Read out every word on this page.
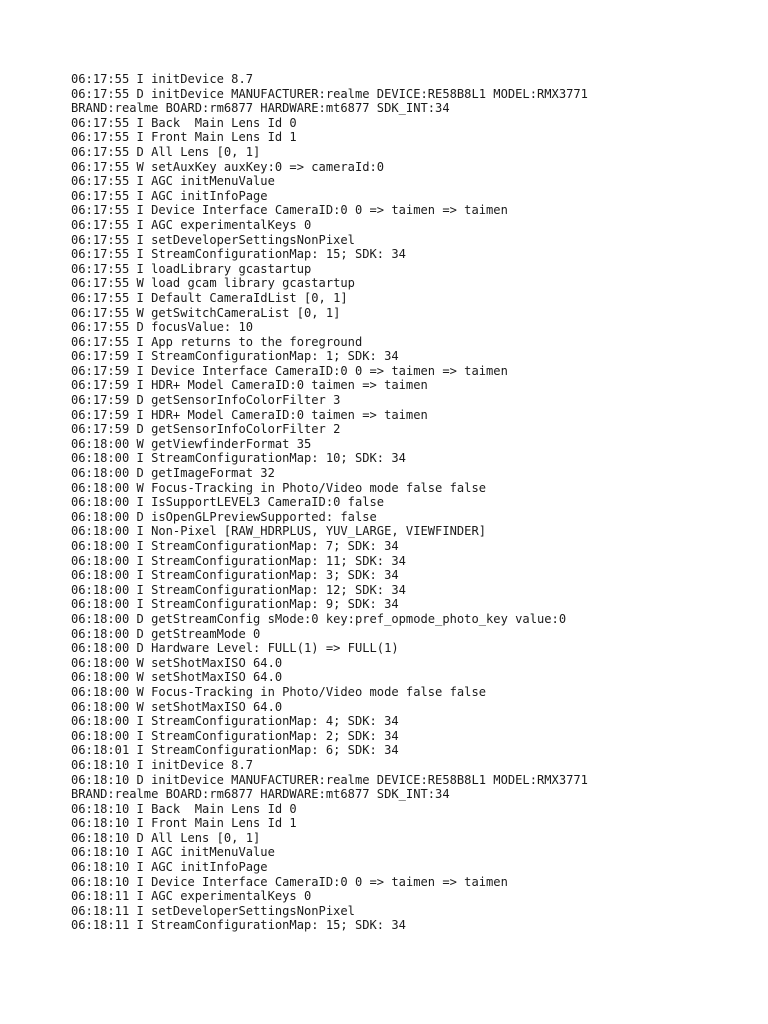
06:17:55 I initDevice 8.7
06:17:55 D initDevice MANUFACTURER:realme DEVICE:RE58B8L1 MODEL:RMX3771
BRAND:realme BOARD:rm6877 HARDWARE:mt6877 SDK_INT:34
06:17:55 I Back  Main Lens Id 0
06:17:55 I Front Main Lens Id 1
06:17:55 D All Lens [0, 1]
06:17:55 W setAuxKey auxKey:0 => cameraId:0
06:17:55 I AGC initMenuValue
06:17:55 I AGC initInfoPage
06:17:55 I Device Interface CameraID:0 0 => taimen => taimen
06:17:55 I AGC experimentalKeys 0
06:17:55 I setDeveloperSettingsNonPixel
06:17:55 I StreamConfigurationMap: 15; SDK: 34
06:17:55 I loadLibrary gcastartup
06:17:55 W load gcam library gcastartup
06:17:55 I Default CameraIdList [0, 1]
06:17:55 W getSwitchCameraList [0, 1]
06:17:55 D focusValue: 10
06:17:55 I App returns to the foreground
06:17:59 I StreamConfigurationMap: 1; SDK: 34
06:17:59 I Device Interface CameraID:0 0 => taimen => taimen
06:17:59 I HDR+ Model CameraID:0 taimen => taimen
06:17:59 D getSensorInfoColorFilter 3
06:17:59 I HDR+ Model CameraID:0 taimen => taimen
06:17:59 D getSensorInfoColorFilter 2
06:18:00 W getViewfinderFormat 35
06:18:00 I StreamConfigurationMap: 10; SDK: 34
06:18:00 D getImageFormat 32
06:18:00 W Focus-Tracking in Photo/Video mode false false
06:18:00 I IsSupportLEVEL3 CameraID:0 false
06:18:00 D isOpenGLPreviewSupported: false
06:18:00 I Non-Pixel [RAW_HDRPLUS, YUV_LARGE, VIEWFINDER]
06:18:00 I StreamConfigurationMap: 7; SDK: 34
06:18:00 I StreamConfigurationMap: 11; SDK: 34
06:18:00 I StreamConfigurationMap: 3; SDK: 34
06:18:00 I StreamConfigurationMap: 12; SDK: 34
06:18:00 I StreamConfigurationMap: 9; SDK: 34
06:18:00 D getStreamConfig sMode:0 key:pref_opmode_photo_key value:0
06:18:00 D getStreamMode 0
06:18:00 D Hardware Level: FULL(1) => FULL(1)
06:18:00 W setShotMaxISO 64.0
06:18:00 W setShotMaxISO 64.0
06:18:00 W Focus-Tracking in Photo/Video mode false false
06:18:00 W setShotMaxISO 64.0
06:18:00 I StreamConfigurationMap: 4; SDK: 34
06:18:00 I StreamConfigurationMap: 2; SDK: 34
06:18:01 I StreamConfigurationMap: 6; SDK: 34
06:18:10 I initDevice 8.7
06:18:10 D initDevice MANUFACTURER:realme DEVICE:RE58B8L1 MODEL:RMX3771
BRAND:realme BOARD:rm6877 HARDWARE:mt6877 SDK_INT:34
06:18:10 I Back  Main Lens Id 0
06:18:10 I Front Main Lens Id 1
06:18:10 D All Lens [0, 1]
06:18:10 I AGC initMenuValue
06:18:10 I AGC initInfoPage
06:18:10 I Device Interface CameraID:0 0 => taimen => taimen
06:18:11 I AGC experimentalKeys 0
06:18:11 I setDeveloperSettingsNonPixel
06:18:11 I StreamConfigurationMap: 15; SDK: 34
